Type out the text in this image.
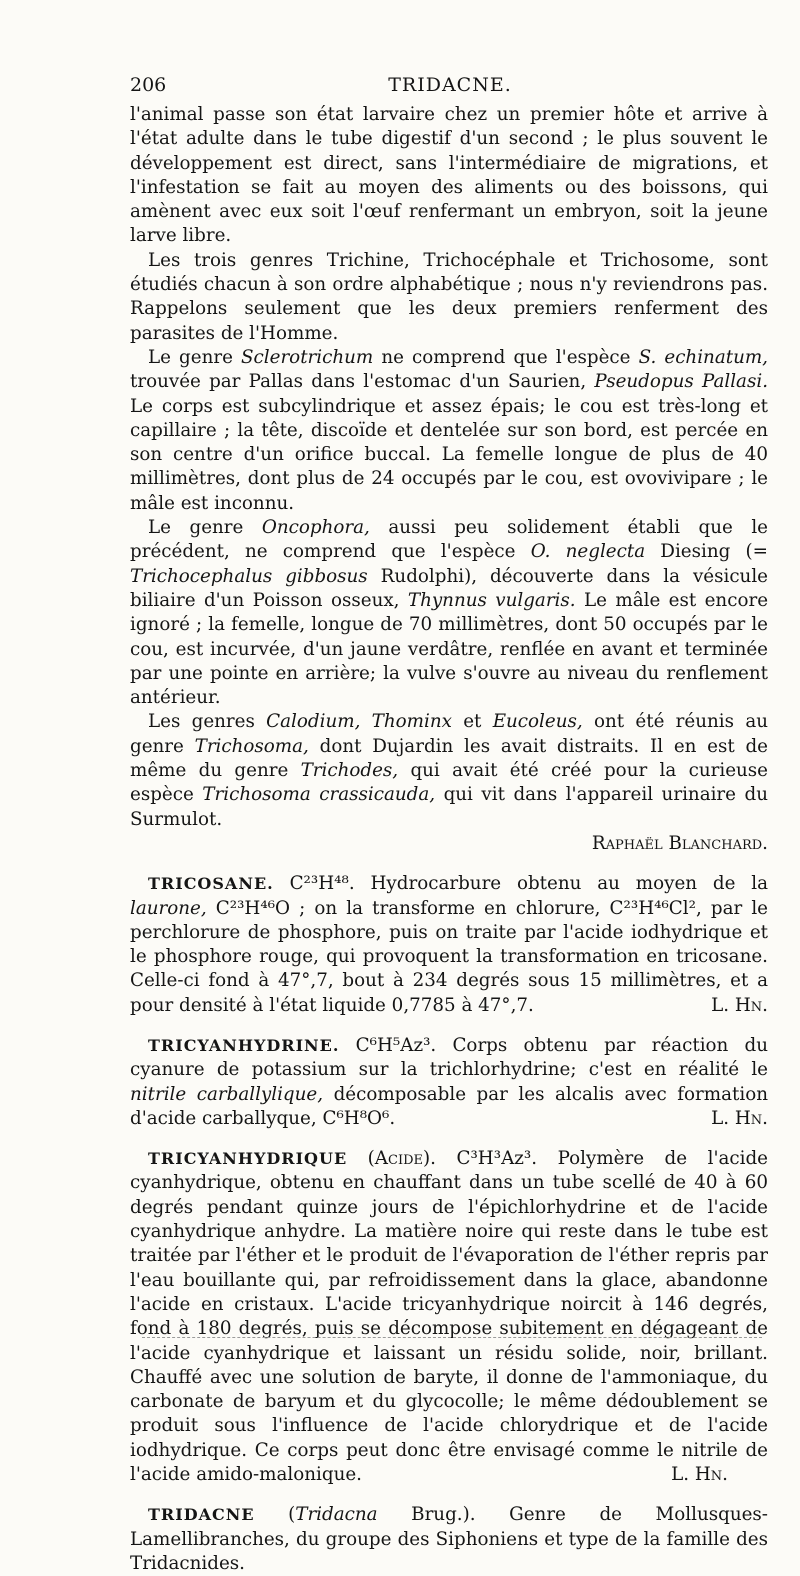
206	TRIDACNE.

l'animal passe son état larvaire chez un premier hôte et arrive à l'état adulte dans le tube digestif d'un second ; le plus souvent le développement est direct, sans l'intermédiaire de migrations, et l'infestation se fait au moyen des aliments ou des boissons, qui amènent avec eux soit l'œuf renfermant un embryon, soit la jeune larve libre.

Les trois genres Trichine, Trichocéphale et Trichosome, sont étudiés chacun à son ordre alphabétique ; nous n'y reviendrons pas. Rappelons seulement que les deux premiers renferment des parasites de l'Homme.

Le genre Sclerotrichum ne comprend que l'espèce S. echinatum, trouvée par Pallas dans l'estomac d'un Saurien, Pseudopus Pallasi. Le corps est subcylindrique et assez épais; le cou est très-long et capillaire ; la tête, discoïde et dentelée sur son bord, est percée en son centre d'un orifice buccal. La femelle longue de plus de 40 millimètres, dont plus de 24 occupés par le cou, est ovovivipare ; le mâle est inconnu.

Le genre Oncophora, aussi peu solidement établi que le précédent, ne comprend que l'espèce O. neglecta Diesing (= Trichocephalus gibbosus Rudolphi), découverte dans la vésicule biliaire d'un Poisson osseux, Thynnus vulgaris. Le mâle est encore ignoré ; la femelle, longue de 70 millimètres, dont 50 occupés par le cou, est incurvée, d'un jaune verdâtre, renflée en avant et terminée par une pointe en arrière; la vulve s'ouvre au niveau du renflement antérieur.

Les genres Calodium, Thominx et Eucoleus, ont été réunis au genre Trichosoma, dont Dujardin les avait distraits. Il en est de même du genre Trichodes, qui avait été créé pour la curieuse espèce Trichosoma crassicauda, qui vit dans l'appareil urinaire du Surmulot.
Raphaël Blanchard.

TRICOSANE. C²³H⁴⁸. Hydrocarbure obtenu au moyen de la laurone, C²³H⁴⁶O ; on la transforme en chlorure, C²³H⁴⁶Cl², par le perchlorure de phosphore, puis on traite par l'acide iodhydrique et le phosphore rouge, qui provoquent la transformation en tricosane. Celle-ci fond à 47°,7, bout à 234 degrés sous 15 millimètres, et a pour densité à l'état liquide 0,7785 à 47°,7.	L. Hn.

TRICYANHYDRINE. C⁶H⁵Az³. Corps obtenu par réaction du cyanure de potassium sur la trichlorhydrine; c'est en réalité le nitrile carballylique, décomposable par les alcalis avec formation d'acide carballyque, C⁶H⁸O⁶.	L. Hn.

TRICYANHYDRIQUE (Acide). C³H³Az³. Polymère de l'acide cyanhydrique, obtenu en chauffant dans un tube scellé de 40 à 60 degrés pendant quinze jours de l'épichlorhydrine et de l'acide cyanhydrique anhydre. La matière noire qui reste dans le tube est traitée par l'éther et le produit de l'évaporation de l'éther repris par l'eau bouillante qui, par refroidissement dans la glace, abandonne l'acide en cristaux. L'acide tricyanhydrique noircit à 146 degrés, fond à 180 degrés, puis se décompose subitement en dégageant de l'acide cyanhydrique et laissant un résidu solide, noir, brillant. Chauffé avec une solution de baryte, il donne de l'ammoniaque, du carbonate de baryum et du glycocolle; le même dédoublement se produit sous l'influence de l'acide chlorydrique et de l'acide iodhydrique. Ce corps peut donc être envisagé comme le nitrile de l'acide amido-malonique.	L. Hn.

TRIDACNE (Tridacna Brug.). Genre de Mollusques-Lamellibranches, du groupe des Siphoniens et type de la famille des Tridacnides.
